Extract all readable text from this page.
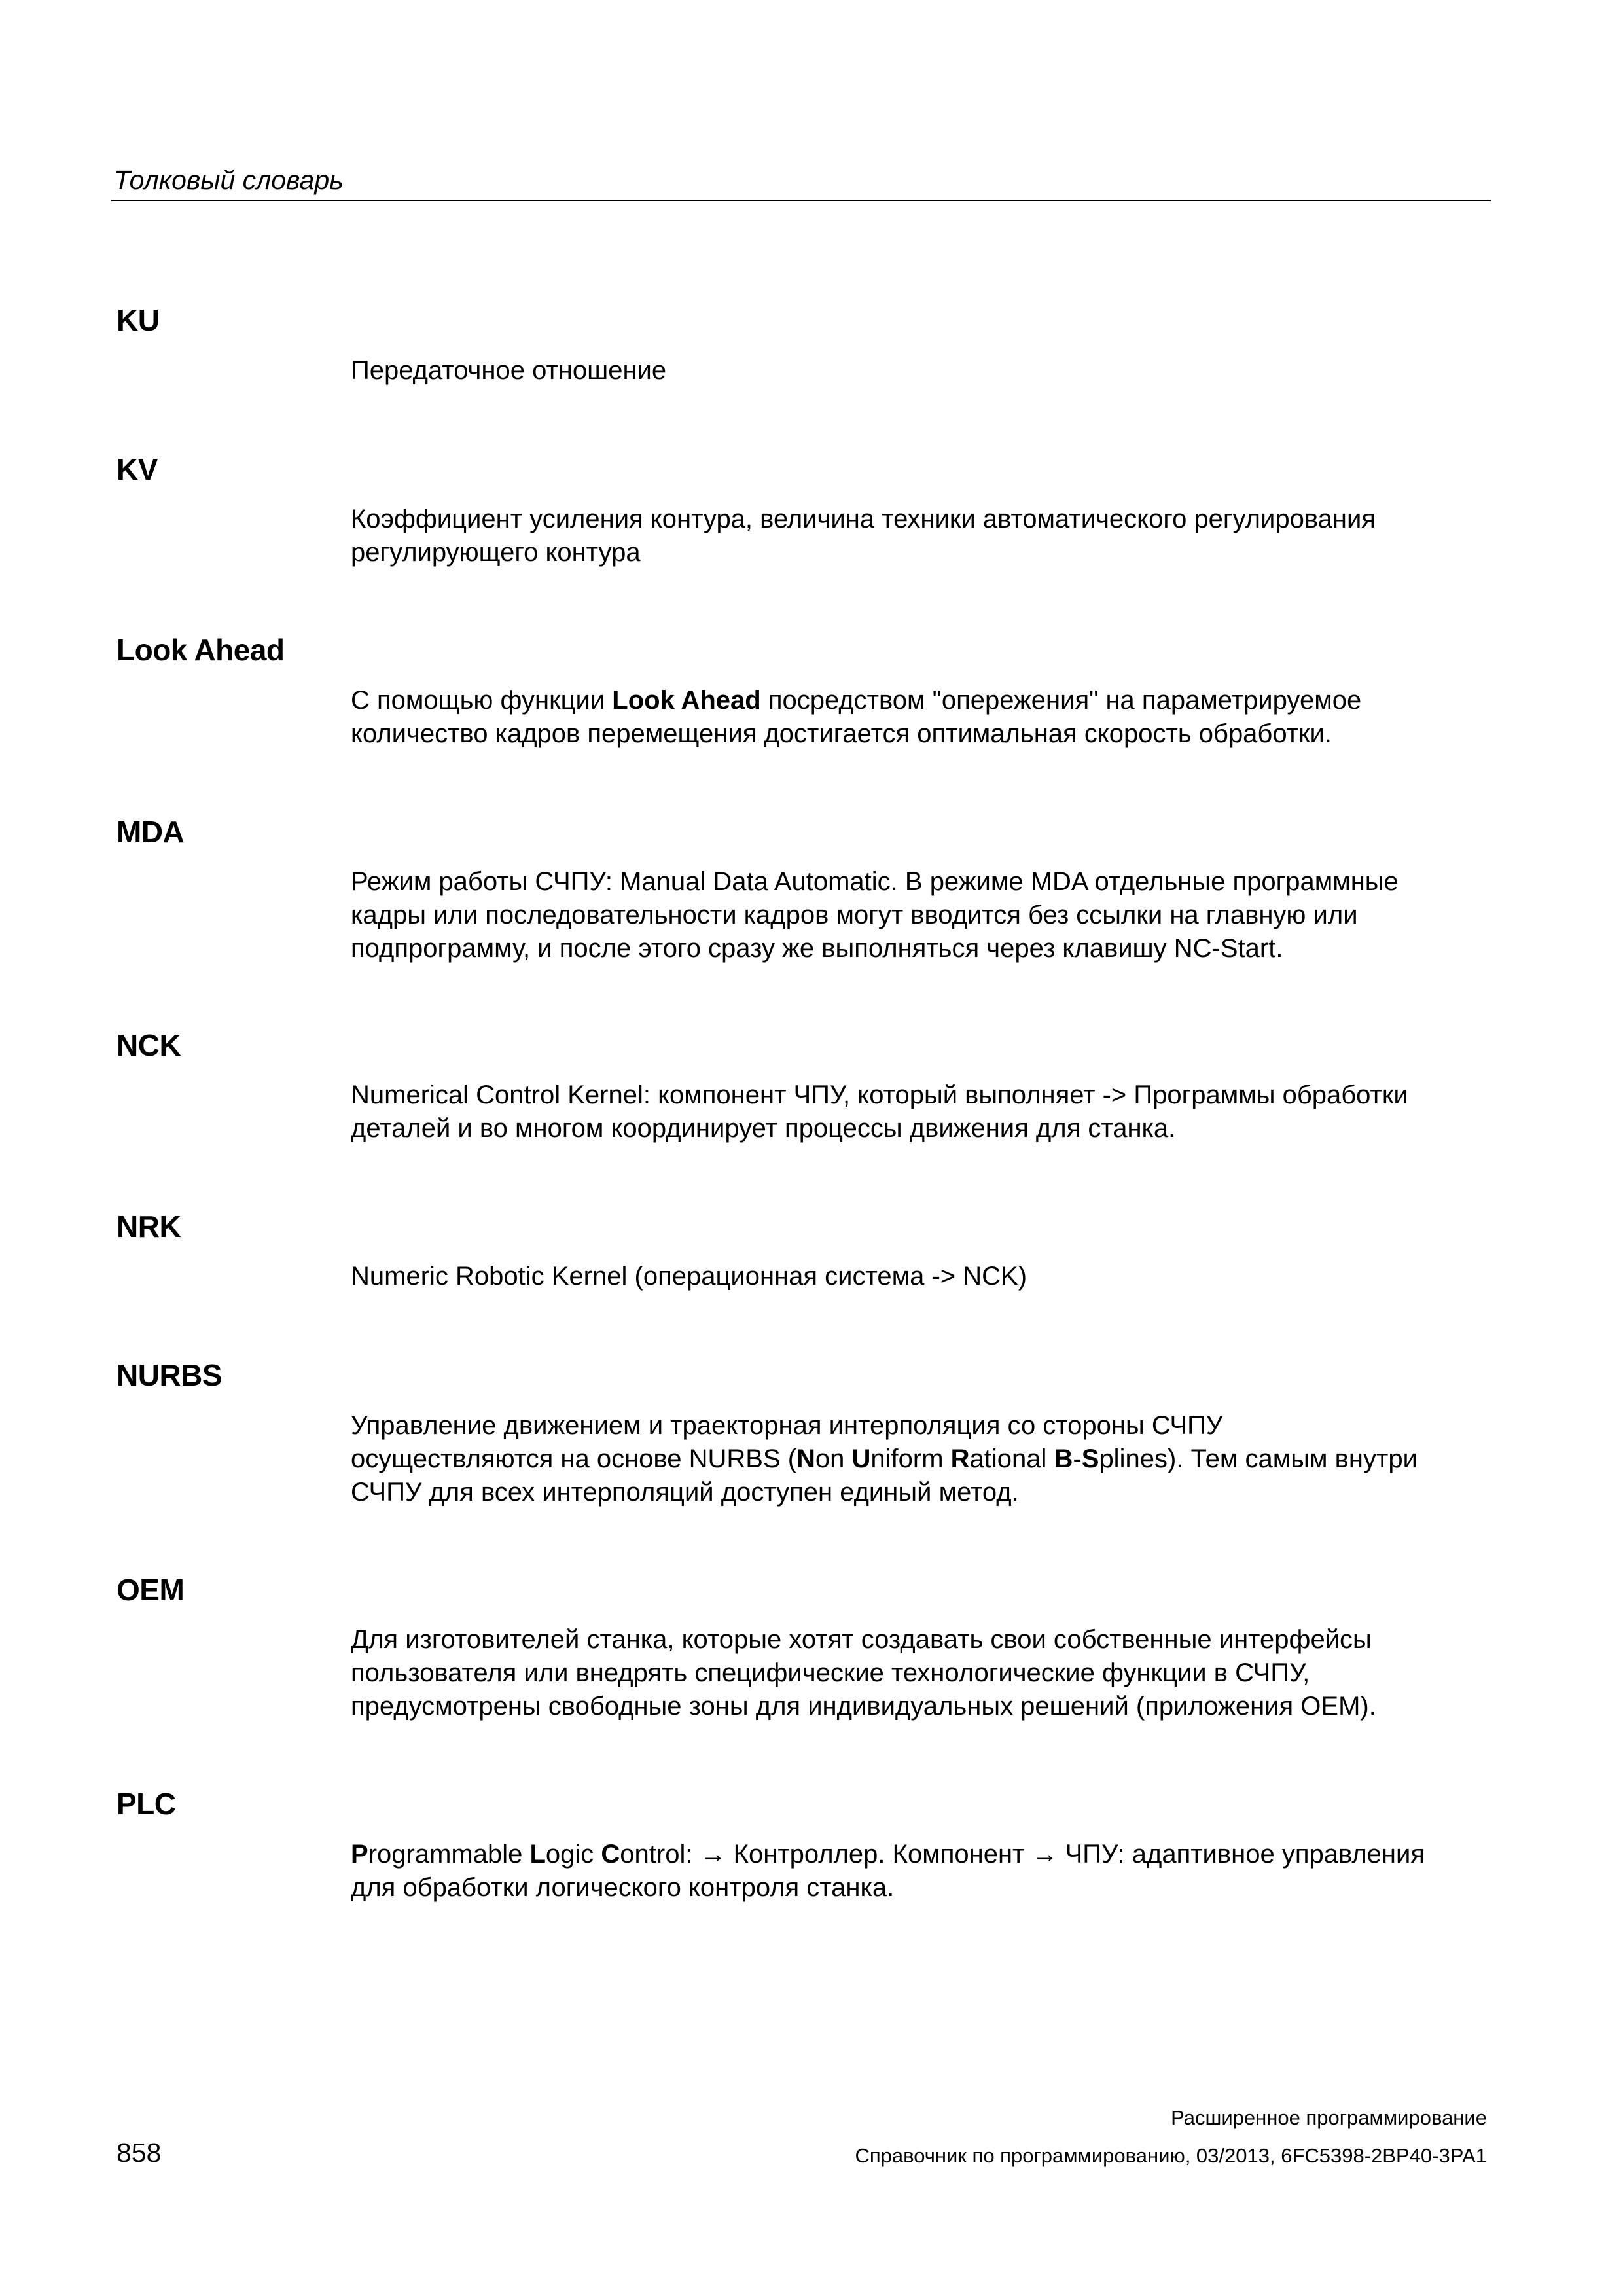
Толковый словарь
KU
Передаточное отношение
KV
Коэффициент усиления контура, величина техники автоматического регулирования
регулирующего контура
Look Ahead
С помощью функции Look Ahead посредством "опережения" на параметрируемое
количество кадров перемещения достигается оптимальная скорость обработки.
MDA
Режим работы СЧПУ: Manual Data Automatic. В режиме MDA отдельные программные
кадры или последовательности кадров могут вводится без ссылки на главную или
подпрограмму, и после этого сразу же выполняться через клавишу NC-Start.
NCK
Numerical Control Kernel: компонент ЧПУ, который выполняет -> Программы обработки
деталей и во многом координирует процессы движения для станка.
NRK
Numeric Robotic Kernel (операционная система -> NCK)
NURBS
Управление движением и траекторная интерполяция со стороны СЧПУ
осуществляются на основе NURBS (Non Uniform Rational B-Splines). Тем самым внутри
СЧПУ для всех интерполяций доступен единый метод.
OEM
Для изготовителей станка, которые хотят создавать свои собственные интерфейсы
пользователя или внедрять специфические технологические функции в СЧПУ,
предусмотрены свободные зоны для индивидуальных решений (приложения OEM).
PLC
Programmable Logic Control: → Контроллер. Компонент → ЧПУ: адаптивное управления
для обработки логического контроля станка.
Расширенное программирование
858	Справочник по программированию, 03/2013, 6FC5398-2BP40-3PA1
